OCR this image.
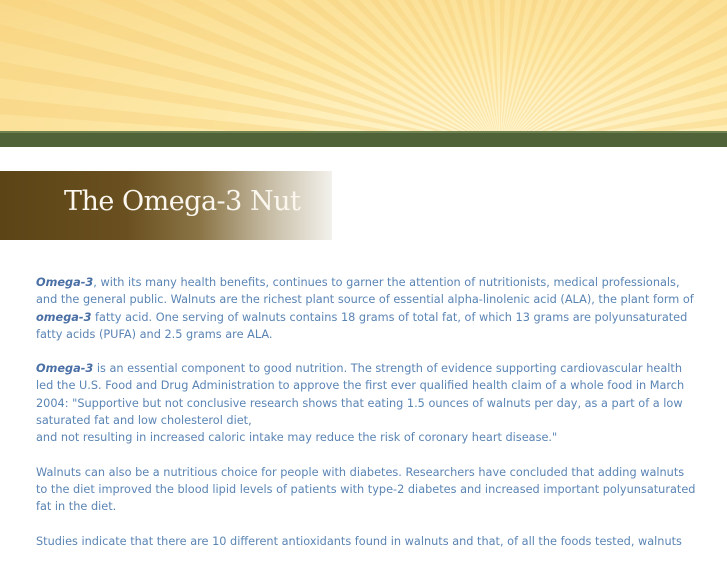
The Omega-3 Nut

Omega-3, with its many health benefits, continues to garner the attention of nutritionists, medical professionals, and the general public. Walnuts are the richest plant source of essential alpha-linolenic acid (ALA), the plant form of omega-3 fatty acid. One serving of walnuts contains 18 grams of total fat, of which 13 grams are polyunsaturated fatty acids (PUFA) and 2.5 grams are ALA.

Omega-3 is an essential component to good nutrition. The strength of evidence supporting cardiovascular health led the U.S. Food and Drug Administration to approve the first ever qualified health claim of a whole food in March 2004: "Supportive but not conclusive research shows that eating 1.5 ounces of walnuts per day, as a part of a low saturated fat and low cholesterol diet,
and not resulting in increased caloric intake may reduce the risk of coronary heart disease."

Walnuts can also be a nutritious choice for people with diabetes. Researchers have concluded that adding walnuts to the diet improved the blood lipid levels of patients with type-2 diabetes and increased important polyunsaturated fat in the diet.

Studies indicate that there are 10 different antioxidants found in walnuts and that, of all the foods tested, walnuts
